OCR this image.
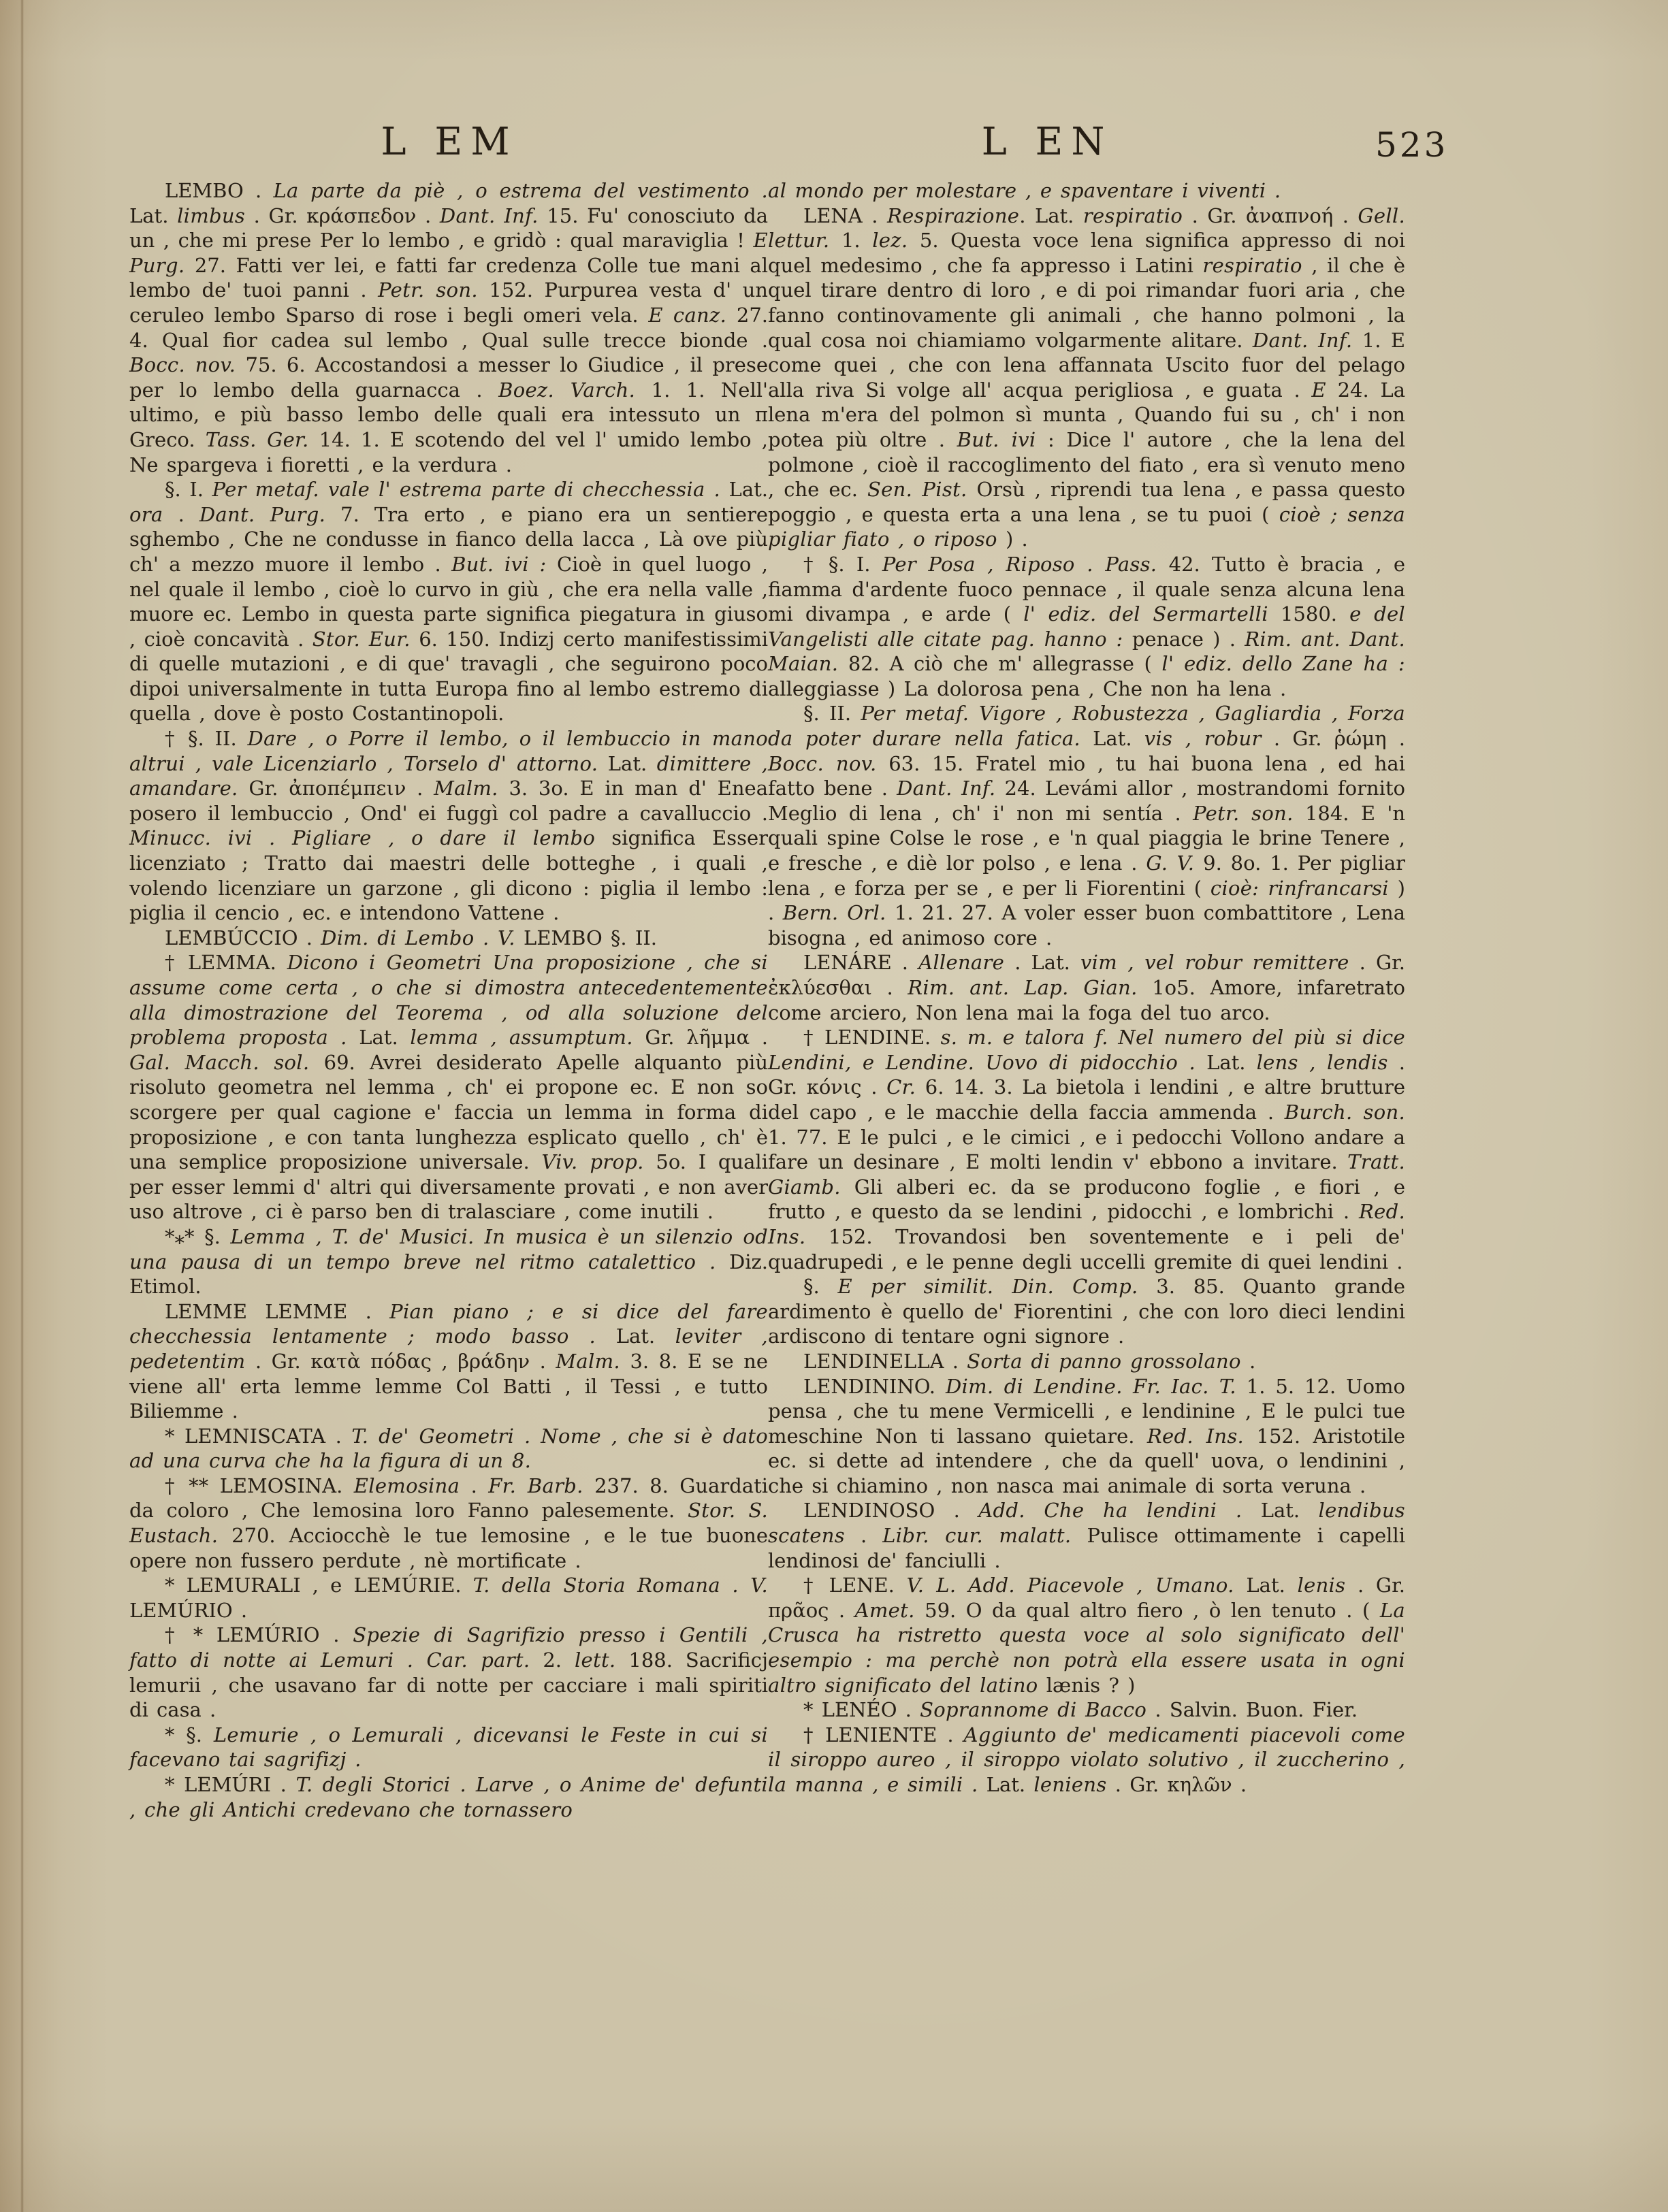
L EM	L EN	523

LEMBO . La parte da piè , o estrema del vestimento . Lat. limbus . Gr. κράσπεδον . Dant. Inf. 15. Fu' conosciuto da un , che mi prese Per lo lembo , e gridò : qual maraviglia ! E Purg. 27. Fatti ver lei, e fatti far credenza Colle tue mani al lembo de' tuoi panni . Petr. son. 152. Purpurea vesta d' un ceruleo lembo Sparso di rose i begli omeri vela. E canz. 27. 4. Qual fior cadea sul lembo , Qual sulle trecce bionde . Bocc. nov. 75. 6. Accostandosi a messer lo Giudice , il prese per lo lembo della guarnacca . Boez. Varch. 1. 1. Nell' ultimo, e più basso lembo delle quali era intessuto un π Greco. Tass. Ger. 14. 1. E scotendo del vel l' umido lembo , Ne spargeva i fioretti , e la verdura .

§. I. Per metaf. vale l' estrema parte di checchessia . Lat. ora . Dant. Purg. 7. Tra erto , e piano era un sentiere sghembo , Che ne condusse in fianco della lacca , Là ove più ch' a mezzo muore il lembo . But. ivi : Cioè in quel luogo , nel quale il lembo , cioè lo curvo in giù , che era nella valle , muore ec. Lembo in questa parte significa piegatura in giuso , cioè concavità . Stor. Eur. 6. 150. Indizj certo manifestissimi di quelle mutazioni , e di que' travagli , che seguirono poco dipoi universalmente in tutta Europa fino al lembo estremo di quella , dove è posto Costantinopoli.

† §. II. Dare , o Porre il lembo, o il lembuccio in mano altrui , vale Licenziarlo , Torselo d' attorno. Lat. dimittere , amandare. Gr. ἀποπέμπειν . Malm. 3. 3o. E in man d' Enea posero il lembuccio , Ond' ei fuggì col padre a cavalluccio . Minucc. ivi . Pigliare , o dare il lembo significa Esser licenziato ; Tratto dai maestri delle botteghe , i quali , volendo licenziare un garzone , gli dicono : piglia il lembo : piglia il cencio , ec. e intendono Vattene .

LEMBÚCCIO . Dim. di Lembo . V. LEMBO §. II.

† LEMMA. Dicono i Geometri Una proposizione , che si assume come certa , o che si dimostra antecedentemente alla dimostrazione del Teorema , od alla soluzione del problema proposta . Lat. lemma , assumptum. Gr. λῆμμα . Gal. Macch. sol. 69. Avrei desiderato Apelle alquanto più risoluto geometra nel lemma , ch' ei propone ec. E non so scorgere per qual cagione e' faccia un lemma in forma di proposizione , e con tanta lunghezza esplicato quello , ch' è una semplice proposizione universale. Viv. prop. 5o. I quali per esser lemmi d' altri qui diversamente provati , e non aver uso altrove , ci è parso ben di tralasciare , come inutili .

*⁎* §. Lemma , T. de' Musici. In musica è un silenzio od una pausa di un tempo breve nel ritmo catalettico . Diz. Etimol.

LEMME LEMME . Pian piano ; e si dice del fare checchessia lentamente ; modo basso . Lat. leviter , pedetentim . Gr. κατὰ πόδας , βράδην . Malm. 3. 8. E se ne viene all' erta lemme lemme Col Batti , il Tessi , e tutto Biliemme .

* LEMNISCATA . T. de' Geometri . Nome , che si è dato ad una curva che ha la figura di un 8.

† ** LEMOSINA. Elemosina . Fr. Barb. 237. 8. Guardati da coloro , Che lemosina loro Fanno palesemente. Stor. S. Eustach. 270. Acciocchè le tue lemosine , e le tue buone opere non fussero perdute , nè mortificate .

* LEMURALI , e LEMÚRIE. T. della Storia Romana . V. LEMÚRIO .

† * LEMÚRIO . Spezie di Sagrifizio presso i Gentili , fatto di notte ai Lemuri . Car. part. 2. lett. 188. Sacrificj lemurii , che usavano far di notte per cacciare i mali spiriti di casa .

* §. Lemurie , o Lemurali , dicevansi le Feste in cui si facevano tai sagrifizj .

* LEMÚRI . T. degli Storici . Larve , o Anime de' defunti , che gli Antichi credevano che tornassero

al mondo per molestare , e spaventare i viventi .

LENA . Respirazione. Lat. respiratio . Gr. ἀναπνοή . Gell. lettur. 1. lez. 5. Questa voce lena significa appresso di noi quel medesimo , che fa appresso i Latini respiratio , il che è quel tirare dentro di loro , e di poi rimandar fuori aria , che fanno continovamente gli animali , che hanno polmoni , la qual cosa noi chiamiamo volgarmente alitare. Dant. Inf. 1. E come quei , che con lena affannata Uscito fuor del pelago alla riva Si volge all' acqua perigliosa , e guata . E 24. La lena m'era del polmon sì munta , Quando fui su , ch' i non potea più oltre . But. ivi : Dice l' autore , che la lena del polmone , cioè il raccoglimento del fiato , era sì venuto meno , che ec. Sen. Pist. Orsù , riprendi tua lena , e passa questo poggio , e questa erta a una lena , se tu puoi ( cioè ; senza pigliar fiato , o riposo ) .

† §. I. Per Posa , Riposo . Pass. 42. Tutto è bracia , e fiamma d'ardente fuoco pennace , il quale senza alcuna lena mi divampa , e arde ( l' ediz. del Sermartelli 1580. e del Vangelisti alle citate pag. hanno : penace ) . Rim. ant. Dant. Maian. 82. A ciò che m' allegrasse ( l' ediz. dello Zane ha : alleggiasse ) La dolorosa pena , Che non ha lena .

§. II. Per metaf. Vigore , Robustezza , Gagliardia , Forza da poter durare nella fatica. Lat. vis , robur . Gr. ῥώμη . Bocc. nov. 63. 15. Fratel mio , tu hai buona lena , ed hai fatto bene . Dant. Inf. 24. Levámi allor , mostrandomi fornito Meglio di lena , ch' i' non mi sentía . Petr. son. 184. E 'n quali spine Colse le rose , e 'n qual piaggia le brine Tenere , e fresche , e diè lor polso , e lena . G. V. 9. 8o. 1. Per pigliar lena , e forza per se , e per li Fiorentini ( cioè: rinfrancarsi ) . Bern. Orl. 1. 21. 27. A voler esser buon combattitore , Lena bisogna , ed animoso core .

LENÁRE . Allenare . Lat. vim , vel robur remittere . Gr. ἐκλύεσθαι . Rim. ant. Lap. Gian. 1o5. Amore, infaretrato come arciero, Non lena mai la foga del tuo arco.

† LENDINE. s. m. e talora f. Nel numero del più si dice Lendini, e Lendine. Uovo di pidocchio . Lat. lens , lendis . Gr. κόνις . Cr. 6. 14. 3. La bietola i lendini , e altre brutture del capo , e le macchie della faccia ammenda . Burch. son. 1. 77. E le pulci , e le cimici , e i pedocchi Vollono andare a fare un desinare , E molti lendin v' ebbono a invitare. Tratt. Giamb. Gli alberi ec. da se producono foglie , e fiori , e frutto , e questo da se lendini , pidocchi , e lombrichi . Red. Ins. 152. Trovandosi ben soventemente e i peli de' quadrupedi , e le penne degli uccelli gremite di quei lendini .

§. E per similit. Din. Comp. 3. 85. Quanto grande ardimento è quello de' Fiorentini , che con loro dieci lendini ardiscono di tentare ogni signore .

LENDINELLA . Sorta di panno grossolano .

LENDININO. Dim. di Lendine. Fr. Iac. T. 1. 5. 12. Uomo pensa , che tu mene Vermicelli , e lendinine , E le pulci tue meschine Non ti lassano quietare. Red. Ins. 152. Aristotile ec. si dette ad intendere , che da quell' uova, o lendinini , che si chiamino , non nasca mai animale di sorta veruna .

LENDINOSO . Add. Che ha lendini . Lat. lendibus scatens . Libr. cur. malatt. Pulisce ottimamente i capelli lendinosi de' fanciulli .

† LENE. V. L. Add. Piacevole , Umano. Lat. lenis . Gr. πρᾶος . Amet. 59. O da qual altro fiero , ò len tenuto . ( La Crusca ha ristretto questa voce al solo significato dell' esempio : ma perchè non potrà ella essere usata in ogni altro significato del latino lænis ? )

* LENÉO . Soprannome di Bacco . Salvin. Buon. Fier.

† LENIENTE . Aggiunto de' medicamenti piacevoli come il siroppo aureo , il siroppo violato solutivo , il zuccherino , la manna , e simili . Lat. leniens . Gr. κηλῶν .
